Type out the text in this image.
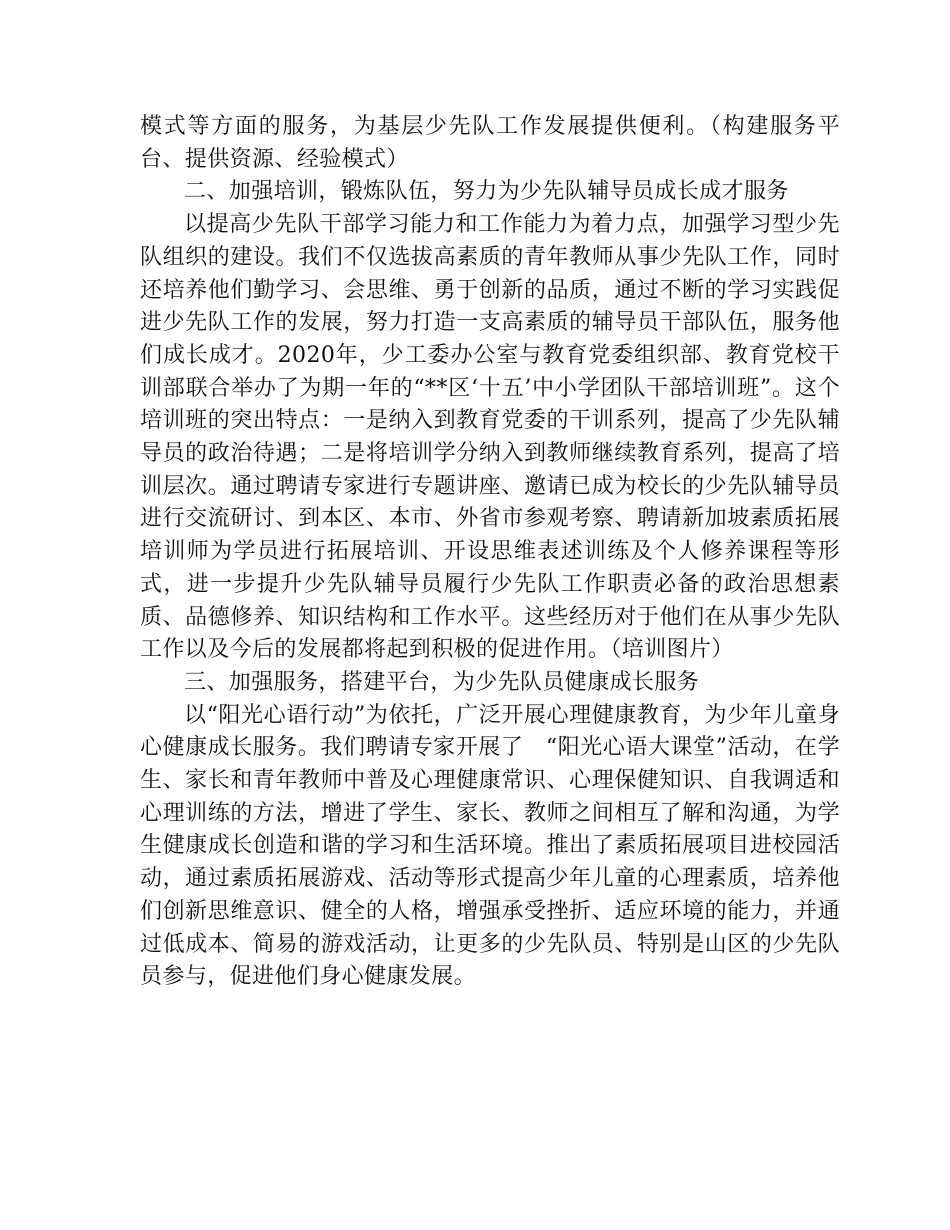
模式等方面的服务，为基层少先队工作发展提供便利。（构建服务平台、提供资源、经验模式）

二、加强培训，锻炼队伍，努力为少先队辅导员成长成才服务

以提高少先队干部学习能力和工作能力为着力点，加强学习型少先队组织的建设。我们不仅选拔高素质的青年教师从事少先队工作，同时还培养他们勤学习、会思维、勇于创新的品质，通过不断的学习实践促进少先队工作的发展，努力打造一支高素质的辅导员干部队伍，服务他们成长成才。2020年，少工委办公室与教育党委组织部、教育党校干训部联合举办了为期一年的“**区‘十五’中小学团队干部培训班”。这个培训班的突出特点：一是纳入到教育党委的干训系列，提高了少先队辅导员的政治待遇；二是将培训学分纳入到教师继续教育系列，提高了培训层次。通过聘请专家进行专题讲座、邀请已成为校长的少先队辅导员进行交流研讨、到本区、本市、外省市参观考察、聘请新加坡素质拓展培训师为学员进行拓展培训、开设思维表述训练及个人修养课程等形式，进一步提升少先队辅导员履行少先队工作职责必备的政治思想素质、品德修养、知识结构和工作水平。这些经历对于他们在从事少先队工作以及今后的发展都将起到积极的促进作用。（培训图片）

三、加强服务，搭建平台，为少先队员健康成长服务

以“阳光心语行动”为依托，广泛开展心理健康教育，为少年儿童身心健康成长服务。我们聘请专家开展了　“阳光心语大课堂”活动，在学生、家长和青年教师中普及心理健康常识、心理保健知识、自我调适和心理训练的方法，增进了学生、家长、教师之间相互了解和沟通，为学生健康成长创造和谐的学习和生活环境。推出了素质拓展项目进校园活动，通过素质拓展游戏、活动等形式提高少年儿童的心理素质，培养他们创新思维意识、健全的人格，增强承受挫折、适应环境的能力，并通过低成本、简易的游戏活动，让更多的少先队员、特别是山区的少先队员参与，促进他们身心健康发展。
